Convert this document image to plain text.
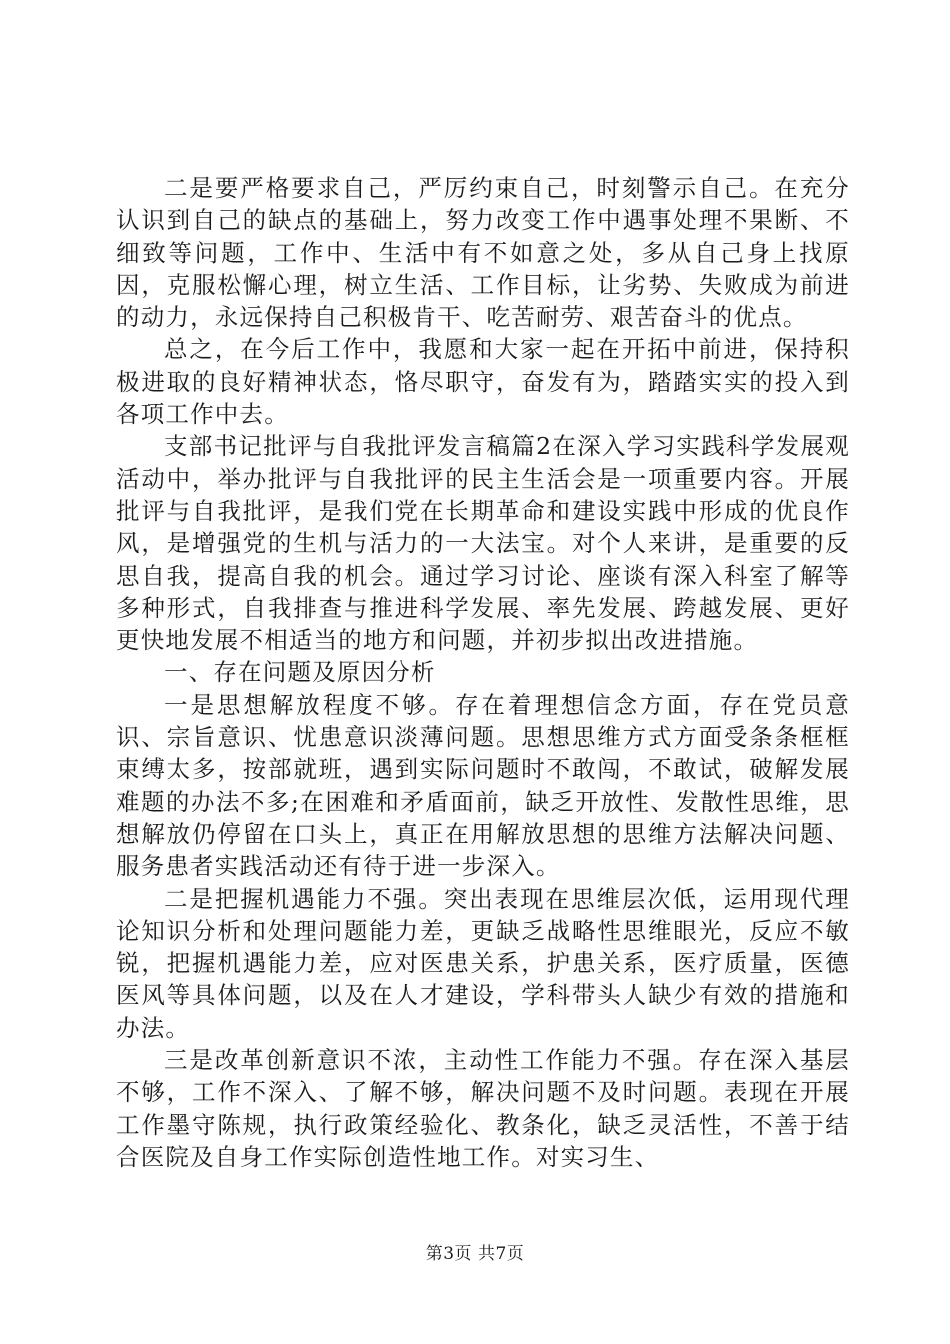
二是要严格要求自己，严厉约束自己，时刻警示自己。在充分认识到自己的缺点的基础上，努力改变工作中遇事处理不果断、不细致等问题，工作中、生活中有不如意之处，多从自己身上找原因，克服松懈心理，树立生活、工作目标，让劣势、失败成为前进的动力，永远保持自己积极肯干、吃苦耐劳、艰苦奋斗的优点。

总之，在今后工作中，我愿和大家一起在开拓中前进，保持积极进取的良好精神状态，恪尽职守，奋发有为，踏踏实实的投入到各项工作中去。

支部书记批评与自我批评发言稿篇2在深入学习实践科学发展观活动中，举办批评与自我批评的民主生活会是一项重要内容。开展批评与自我批评，是我们党在长期革命和建设实践中形成的优良作风，是增强党的生机与活力的一大法宝。对个人来讲，是重要的反思自我，提高自我的机会。通过学习讨论、座谈有深入科室了解等多种形式，自我排查与推进科学发展、率先发展、跨越发展、更好更快地发展不相适当的地方和问题，并初步拟出改进措施。

一、存在问题及原因分析

一是思想解放程度不够。存在着理想信念方面，存在党员意识、宗旨意识、忧患意识淡薄问题。思想思维方式方面受条条框框束缚太多，按部就班，遇到实际问题时不敢闯，不敢试，破解发展难题的办法不多;在困难和矛盾面前，缺乏开放性、发散性思维，思想解放仍停留在口头上，真正在用解放思想的思维方法解决问题、服务患者实践活动还有待于进一步深入。

二是把握机遇能力不强。突出表现在思维层次低，运用现代理论知识分析和处理问题能力差，更缺乏战略性思维眼光，反应不敏锐，把握机遇能力差，应对医患关系，护患关系，医疗质量，医德医风等具体问题，以及在人才建设，学科带头人缺少有效的措施和办法。

三是改革创新意识不浓，主动性工作能力不强。存在深入基层不够，工作不深入、了解不够，解决问题不及时问题。表现在开展工作墨守陈规，执行政策经验化、教条化，缺乏灵活性，不善于结合医院及自身工作实际创造性地工作。对实习生、

第3页 共7页
